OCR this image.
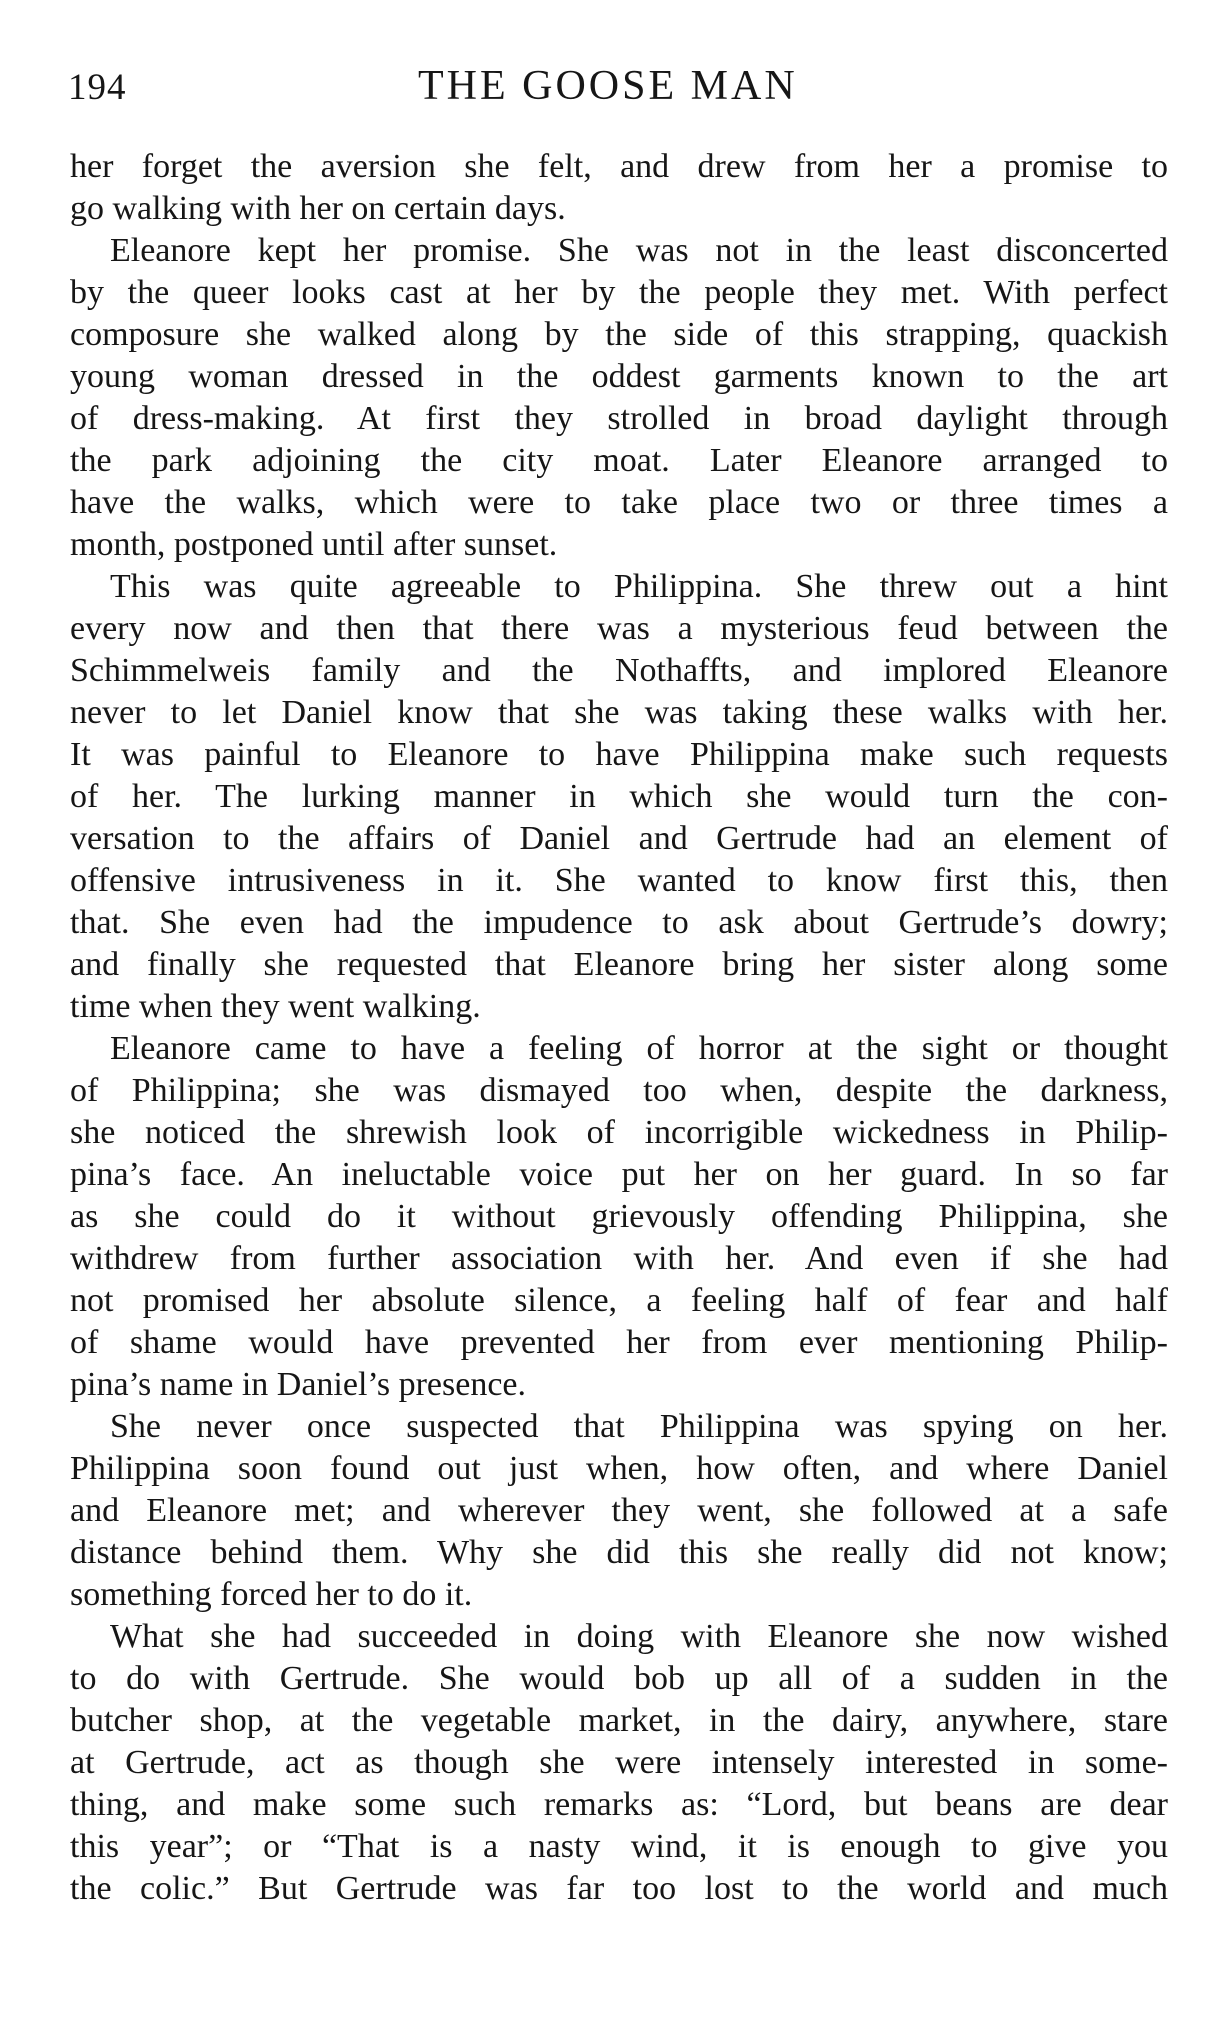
194	THE GOOSE MAN
her forget the aversion she felt, and drew from her a promise to
go walking with her on certain days.
Eleanore kept her promise. She was not in the least disconcerted
by the queer looks cast at her by the people they met. With perfect
composure she walked along by the side of this strapping, quackish
young woman dressed in the oddest garments known to the art
of dress-making. At first they strolled in broad daylight through
the park adjoining the city moat. Later Eleanore arranged to
have the walks, which were to take place two or three times a
month, postponed until after sunset.
This was quite agreeable to Philippina. She threw out a hint
every now and then that there was a mysterious feud between the
Schimmelweis family and the Nothaffts, and implored Eleanore
never to let Daniel know that she was taking these walks with her.
It was painful to Eleanore to have Philippina make such requests
of her. The lurking manner in which she would turn the con-
versation to the affairs of Daniel and Gertrude had an element of
offensive intrusiveness in it. She wanted to know first this, then
that. She even had the impudence to ask about Gertrude’s dowry;
and finally she requested that Eleanore bring her sister along some
time when they went walking.
Eleanore came to have a feeling of horror at the sight or thought
of Philippina; she was dismayed too when, despite the darkness,
she noticed the shrewish look of incorrigible wickedness in Philip-
pina’s face. An ineluctable voice put her on her guard. In so far
as she could do it without grievously offending Philippina, she
withdrew from further association with her. And even if she had
not promised her absolute silence, a feeling half of fear and half
of shame would have prevented her from ever mentioning Philip-
pina’s name in Daniel’s presence.
She never once suspected that Philippina was spying on her.
Philippina soon found out just when, how often, and where Daniel
and Eleanore met; and wherever they went, she followed at a safe
distance behind them. Why she did this she really did not know;
something forced her to do it.
What she had succeeded in doing with Eleanore she now wished
to do with Gertrude. She would bob up all of a sudden in the
butcher shop, at the vegetable market, in the dairy, anywhere, stare
at Gertrude, act as though she were intensely interested in some-
thing, and make some such remarks as: “Lord, but beans are dear
this year”; or “That is a nasty wind, it is enough to give you
the colic.” But Gertrude was far too lost to the world and much
